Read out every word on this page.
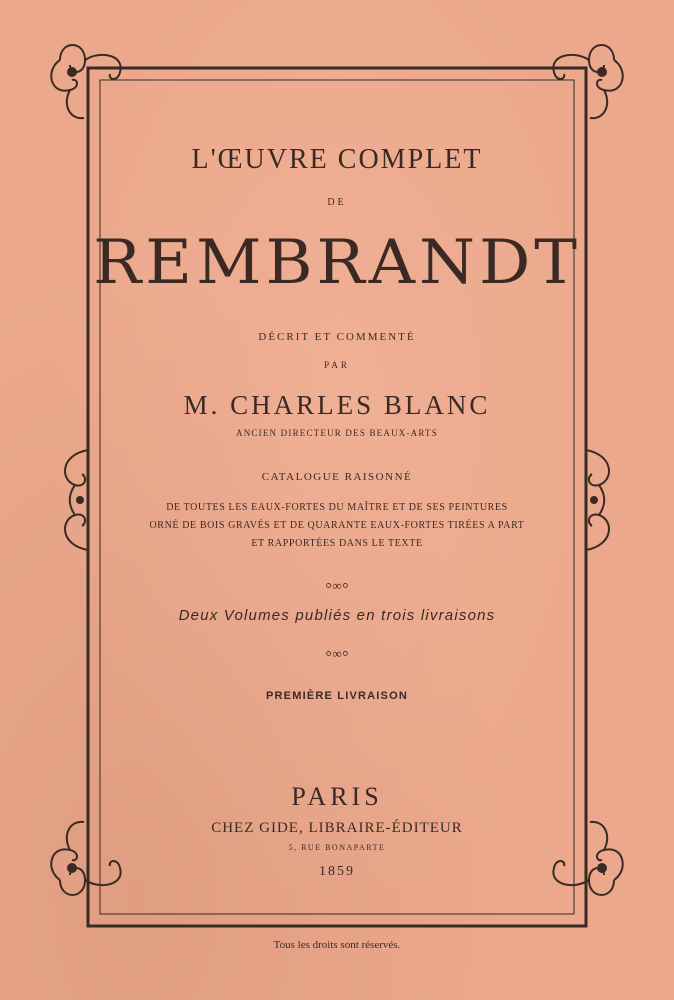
L'ŒUVRE COMPLET
DE
REMBRANDT
DÉCRIT ET COMMENTÉ
PAR
M. CHARLES BLANC
ANCIEN DIRECTEUR DES BEAUX-ARTS
CATALOGUE RAISONNÉ
DE TOUTES LES EAUX-FORTES DU MAÎTRE ET DE SES PEINTURES
ORNÉ DE BOIS GRAVÉS ET DE QUARANTE EAUX-FORTES TIRÉES A PART
ET RAPPORTÉES DANS LE TEXTE
⸰∞⸰
Deux Volumes publiés en trois livraisons
⸰∞⸰
PREMIÈRE LIVRAISON
PARIS
CHEZ GIDE, LIBRAIRE-ÉDITEUR
5, RUE BONAPARTE
1859
Tous les droits sont réservés.
